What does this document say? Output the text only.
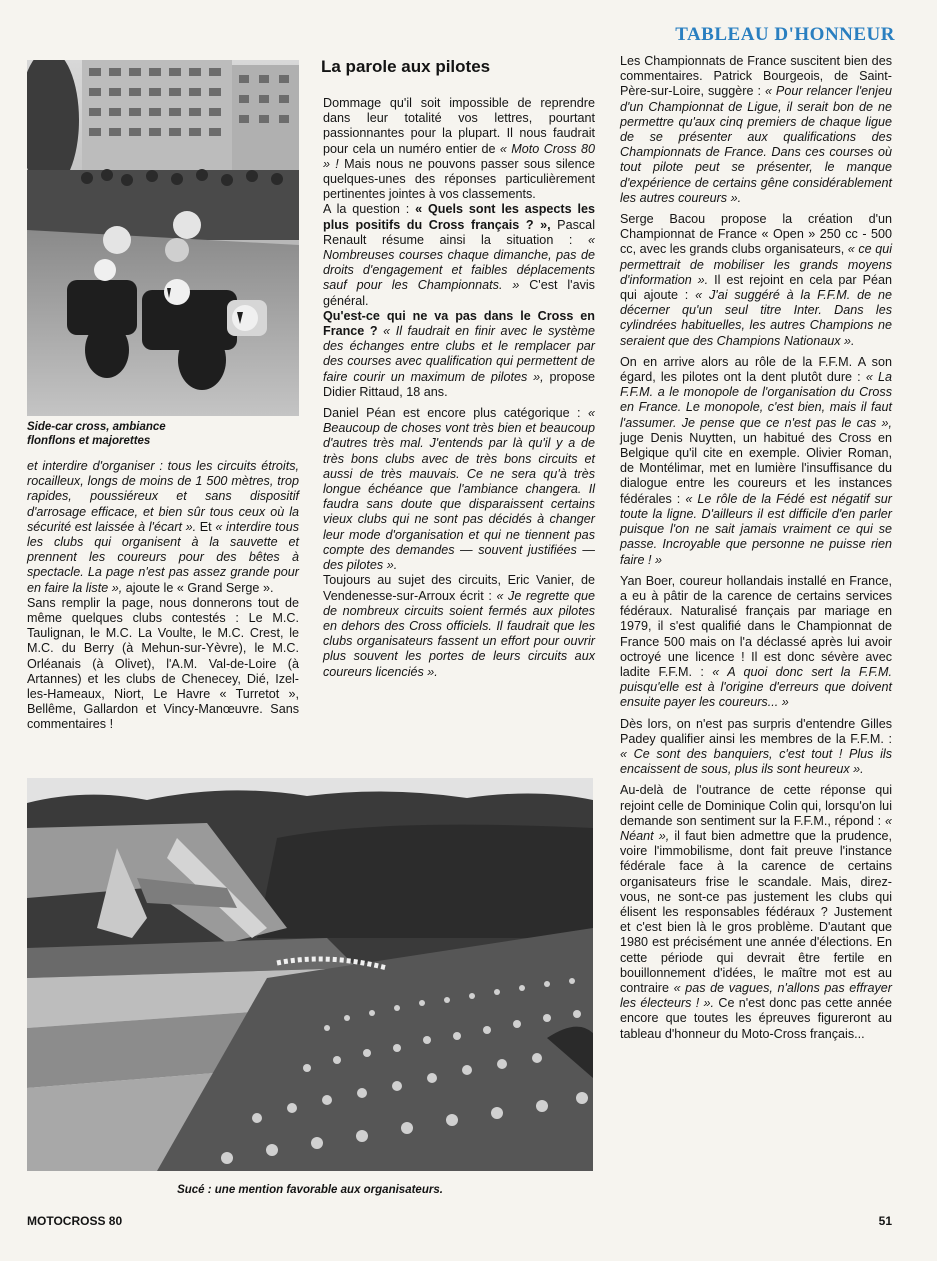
TABLEAU D'HONNEUR
Side-car cross, ambiance flonflons et majorettes
La parole aux pilotes

et interdire d'organiser : tous les circuits étroits, rocailleux, longs de moins de 1 500 mètres, trop rapides, poussiéreux et sans dispositif d'arrosage efficace, et bien sûr tous ceux où la sécurité est laissée à l'écart ». Et « interdire tous les clubs qui organisent à la sauvette et prennent les coureurs pour des bêtes à spectacle. La page n'est pas assez grande pour en faire la liste », ajoute le « Grand Serge ».

Sans remplir la page, nous donnerons tout de même quelques clubs contestés : Le M.C. Taulignan, le M.C. La Voulte, le M.C. Crest, le M.C. du Berry (à Mehun-sur-Yèvre), le M.C. Orléanais (à Olivet), l'A.M. Val-de-Loire (à Artannes) et les clubs de Chenecey, Dié, Izel-les-Hameaux, Niort, Le Havre « Turretot », Bellême, Gallardon et Vincy-Manœuvre. Sans commentaires !

Dommage qu'il soit impossible de reprendre dans leur totalité vos lettres, pourtant passionnantes pour la plupart. Il nous faudrait pour cela un numéro entier de « Moto Cross 80 » ! Mais nous ne pouvons passer sous silence quelques-unes des réponses particulièrement pertinentes jointes à vos classements.

A la question : « Quels sont les aspects les plus positifs du Cross français ? », Pascal Renault résume ainsi la situation : « Nombreuses courses chaque dimanche, pas de droits d'engagement et faibles déplacements sauf pour les Championnats. » C'est l'avis général.

Qu'est-ce qui ne va pas dans le Cross en France ? « Il faudrait en finir avec le système des échanges entre clubs et le remplacer par des courses avec qualification qui permettent de faire courir un maximum de pilotes », propose Didier Rittaud, 18 ans.

Daniel Péan est encore plus catégorique : « Beaucoup de choses vont très bien et beaucoup d'autres très mal. J'entends par là qu'il y a de très bons clubs avec de très bons circuits et aussi de très mauvais. Ce ne sera qu'à très longue échéance que l'ambiance changera. Il faudra sans doute que disparaissent certains vieux clubs qui ne sont pas décidés à changer leur mode d'organisation et qui ne tiennent pas compte des demandes — souvent justifiées — des pilotes ».

Toujours au sujet des circuits, Eric Vanier, de Vendenesse-sur-Arroux écrit : « Je regrette que de nombreux circuits soient fermés aux pilotes en dehors des Cross officiels. Il faudrait que les clubs organisateurs fassent un effort pour ouvrir plus souvent les portes de leurs circuits aux coureurs licenciés ».

Les Championnats de France suscitent bien des commentaires. Patrick Bourgeois, de Saint-Père-sur-Loire, suggère : « Pour relancer l'enjeu d'un Championnat de Ligue, il serait bon de ne permettre qu'aux cinq premiers de chaque ligue de se présenter aux qualifications des Championnats de France. Dans ces courses où tout pilote peut se présenter, le manque d'expérience de certains gêne considérablement les autres coureurs ».

Serge Bacou propose la création d'un Championnat de France « Open » 250 cc - 500 cc, avec les grands clubs organisateurs, « ce qui permettrait de mobiliser les grands moyens d'information ». Il est rejoint en cela par Péan qui ajoute : « J'ai suggéré à la F.F.M. de ne décerner qu'un seul titre Inter. Dans les cylindrées habituelles, les autres Champions ne seraient que des Champions Nationaux ».

On en arrive alors au rôle de la F.F.M. A son égard, les pilotes ont la dent plutôt dure : « La F.F.M. a le monopole de l'organisation du Cross en France. Le monopole, c'est bien, mais il faut l'assumer. Je pense que ce n'est pas le cas », juge Denis Nuytten, un habitué des Cross en Belgique qu'il cite en exemple. Olivier Roman, de Montélimar, met en lumière l'insuffisance du dialogue entre les coureurs et les instances fédérales : « Le rôle de la Fédé est négatif sur toute la ligne. D'ailleurs il est difficile d'en parler puisque l'on ne sait jamais vraiment ce qui se passe. Incroyable que personne ne puisse rien faire ! »

Yan Boer, coureur hollandais installé en France, a eu à pâtir de la carence de certains services fédéraux. Naturalisé français par mariage en 1979, il s'est qualifié dans le Championnat de France 500 mais on l'a déclassé après lui avoir octroyé une licence ! Il est donc sévère avec ladite F.F.M. : « A quoi donc sert la F.F.M. puisqu'elle est à l'origine d'erreurs que doivent ensuite payer les coureurs... »

Dès lors, on n'est pas surpris d'entendre Gilles Padey qualifier ainsi les membres de la F.F.M. : « Ce sont des banquiers, c'est tout ! Plus ils encaissent de sous, plus ils sont heureux ».

Au-delà de l'outrance de cette réponse qui rejoint celle de Dominique Colin qui, lorsqu'on lui demande son sentiment sur la F.F.M., répond : « Néant », il faut bien admettre que la prudence, voire l'immobilisme, dont fait preuve l'instance fédérale face à la carence de certains organisateurs frise le scandale. Mais, direz-vous, ne sont-ce pas justement les clubs qui élisent les responsables fédéraux ? Justement et c'est bien là le gros problème. D'autant que 1980 est précisément une année d'élections. En cette période qui devrait être fertile en bouillonnement d'idées, le maître mot est au contraire « pas de vagues, n'allons pas effrayer les électeurs ! ». Ce n'est donc pas cette année encore que toutes les épreuves figureront au tableau d'honneur du Moto-Cross français...

Sucé : une mention favorable aux organisateurs.
MOTOCROSS 80	51
